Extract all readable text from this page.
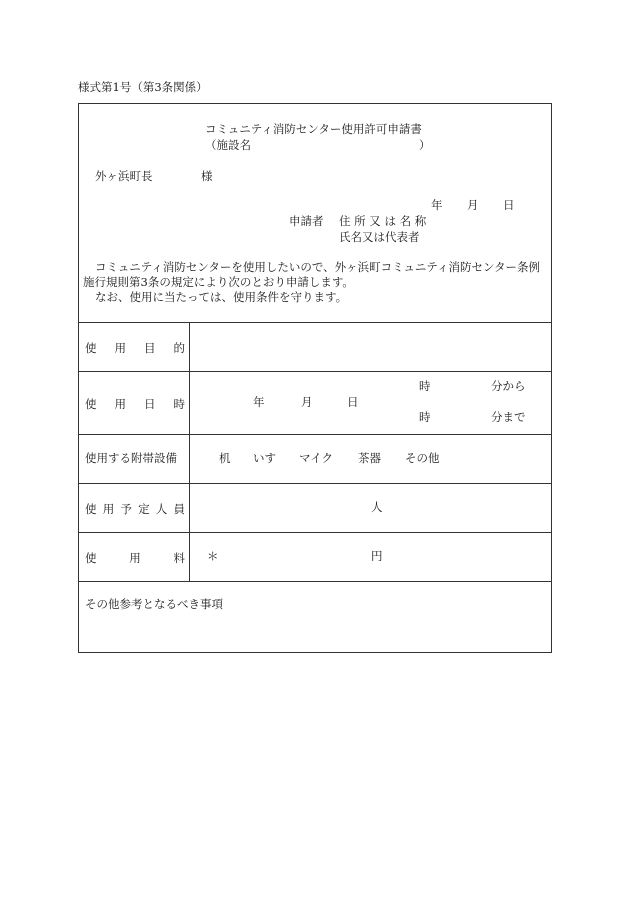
様式第1号（第3条関係）
コミュニティ消防センター使用許可申請書
（施設名	）
外ヶ浜町長	様
年 月 日
申請者 住 所 又 は 名 称
氏名又は代表者
コミュニティ消防センターを使用したいので、外ヶ浜町コミュニティ消防センター条例
施行規則第3条の規定により次のとおり申請します。
なお、使用に当たっては、使用条件を守ります。
使 用 目 的
使 用 日 時	年	月	日
時	分から
時	分まで
使用する附帯設備	机 いす マイク 茶器 その他
使 用 予 定 人 員	人
使	用	料 ＊	円
その他参考となるべき事項
